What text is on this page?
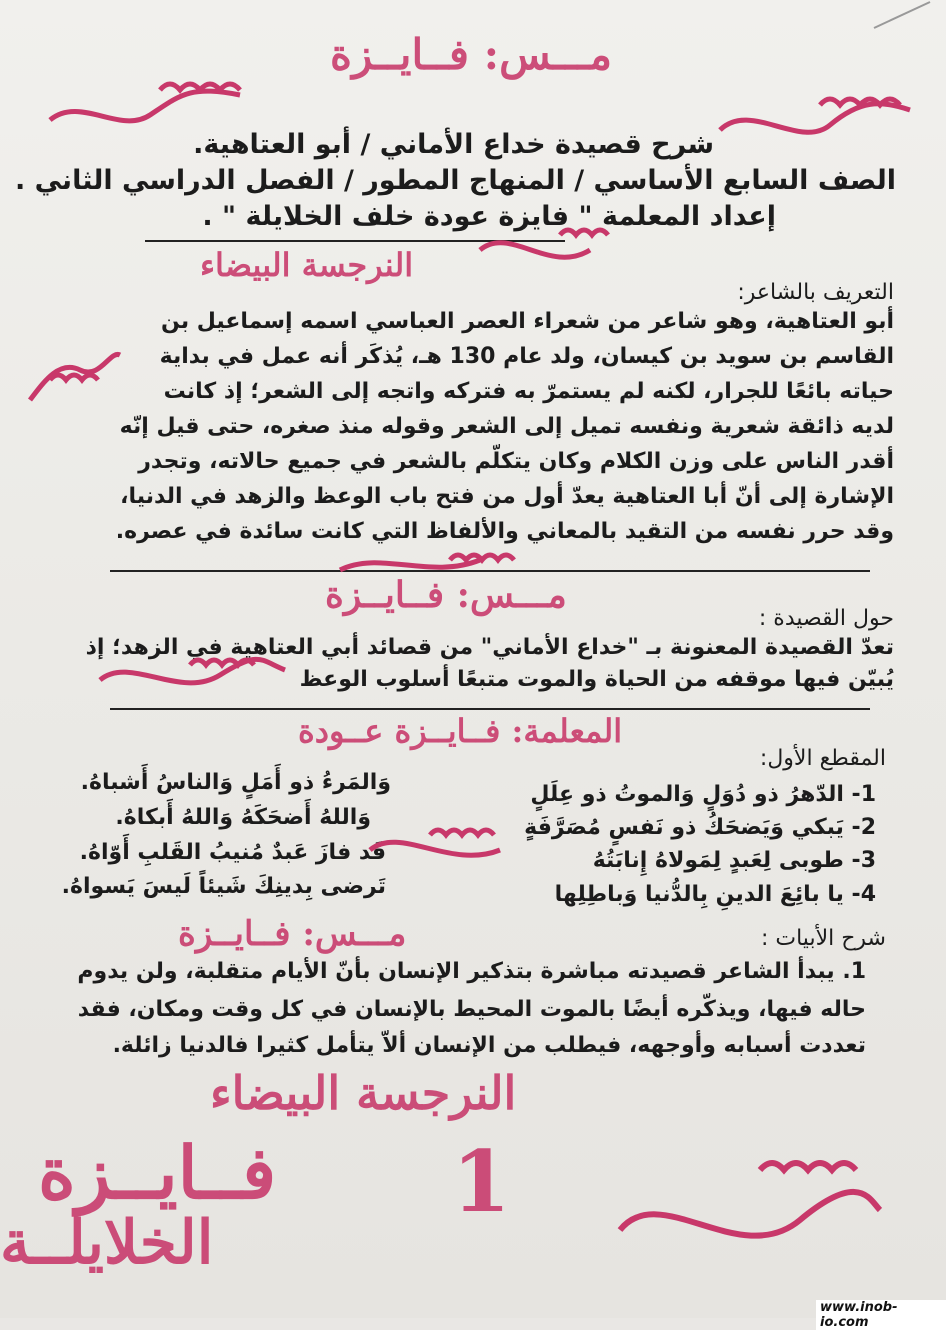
مـــس: فــايــزة
شرح قصيدة خداع الأماني / أبو العتاهية.
الصف السابع الأساسي / المنهاج المطور / الفصل الدراسي الثاني .
إعداد المعلمة " فايزة عودة خلف الخلايلة " .
النرجسة البيضاء
التعريف بالشاعر:
أبو العتاهية، وهو شاعر من شعراء العصر العباسي اسمه إسماعيل بن
القاسم بن سويد بن كيسان، ولد عام 130 هـ، يُذكَر أنه عمل في بداية
حياته بائعًا للجرار، لكنه لم يستمرّ به فتركه واتجه إلى الشعر؛ إذ كانت
لديه ذائقة شعرية ونفسه تميل إلى الشعر وقوله منذ صغره، حتى قيل إنّه
أقدر الناس على وزن الكلام وكان يتكلّم بالشعر في جميع حالاته، وتجدر
الإشارة إلى أنّ أبا العتاهية يعدّ أول من فتح باب الوعظ والزهد في الدنيا،
وقد حرر نفسه من التقيد بالمعاني والألفاظ التي كانت سائدة في عصره.
مـــس: فــايــزة
حول القصيدة :
تعدّ القصيدة المعنونة بـ "خداع الأماني" من قصائد أبي العتاهية في الزهد؛ إذ
يُبيّن فيها موقفه من الحياة والموت متبعًا أسلوب الوعظ
المعلمة: فــايــزة عــودة
المقطع الأول:
1- الدّهرُ ذو دُوَلٍ وَالموتُ ذو عِلَلٍ
وَالمَرءُ ذو أَمَلٍ وَالناسُ أَشباهُ.
2- يَبكي وَيَضحَكُ ذو نَفسٍ مُصَرَّفَةٍ
وَاللهُ أَضحَكَهُ وَاللهُ أَبكاهُ.
3- طوبى لِعَبدٍ لِمَولاهُ إِنابَتُهُ
قَد فازَ عَبدٌ مُنيبُ القَلبِ أَوّاهُ.
4- يا بائِعَ الدينِ بِالدُّنيا وَباطِلِها
تَرضى بِدينِكَ شَيئاً لَيسَ يَسواهُ.
شرح الأبيات :
مـــس: فــايــزة
1. يبدأ الشاعر قصيدته مباشرة بتذكير الإنسان بأنّ الأيام متقلبة، ولن يدوم
حاله فيها، ويذكّره أيضًا بالموت المحيط بالإنسان في كل وقت ومكان، فقد
تعددت أسبابه وأوجهه، فيطلب من الإنسان ألاّ يتأمل كثيرا فالدنيا زائلة.
النرجسة البيضاء
1
فــايــزة
الخلايلــة
www.inob-io.com
